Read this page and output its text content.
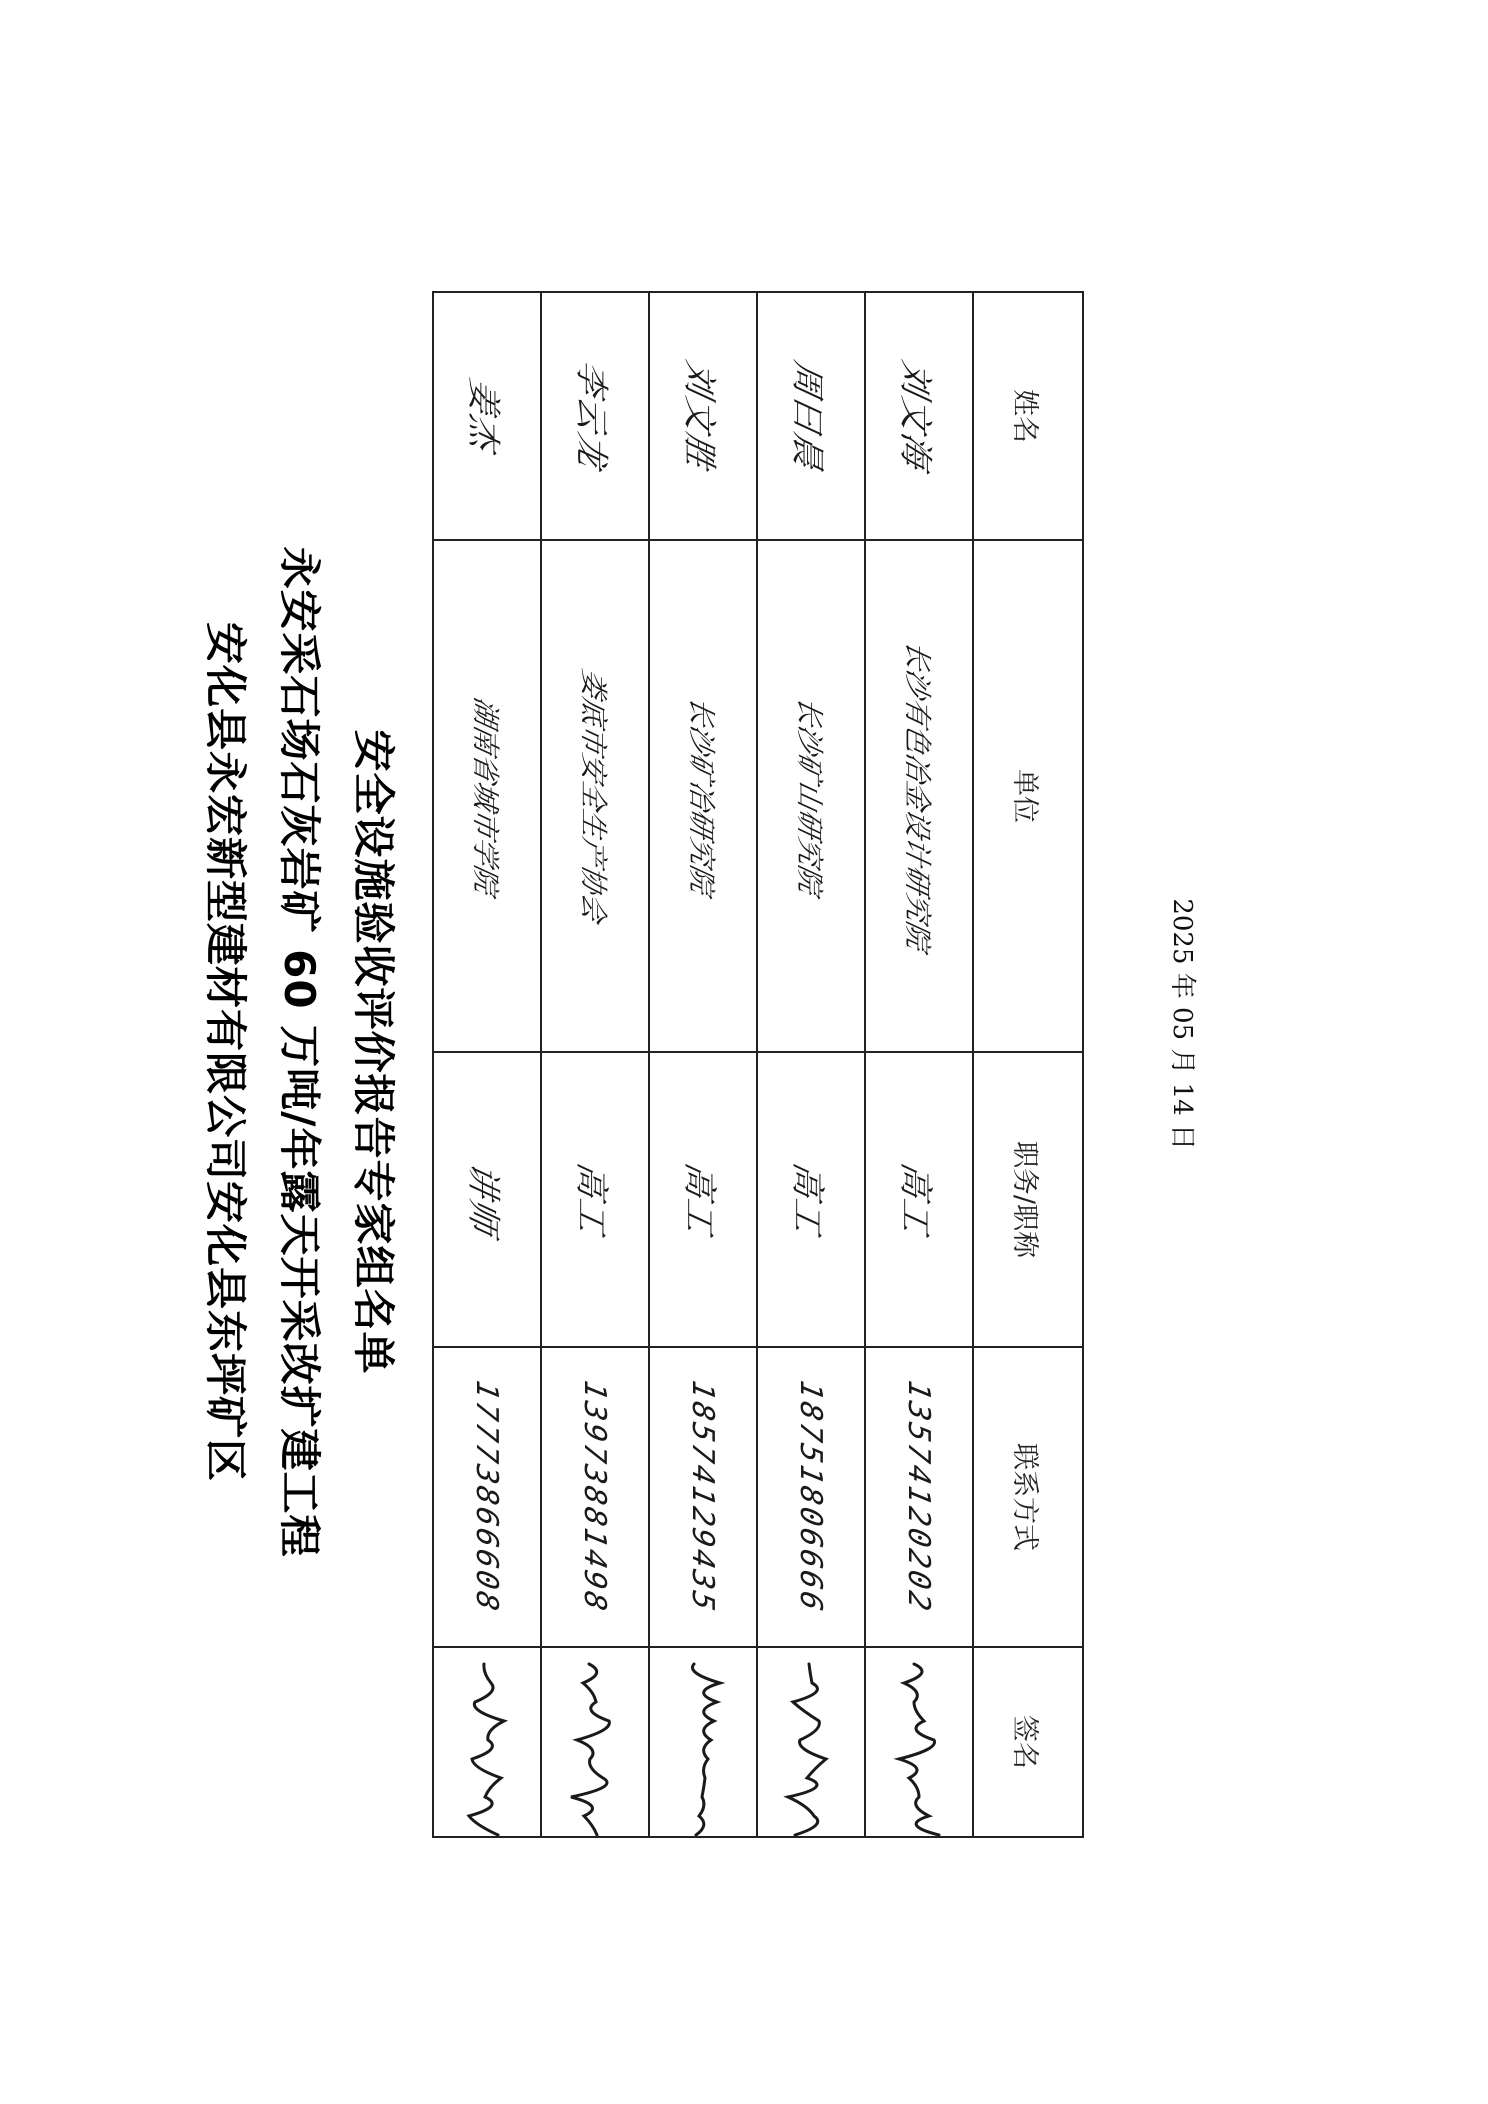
安化县永宏新型建材有限公司安化县东坪矿区 永安采石场石灰岩矿 60 万吨/年露天开采改扩建工程 安全设施验收评价报告专家组名单
姓名	单位	职务/职称	联系方式	签名
刘文海	长沙有色冶金设计研究院	高工	13574120202	

周曰晨	长沙矿山研究院	高工	18751806666	

刘文胜	长沙矿冶研究院	高工	18574129435	

李云龙	娄底市安全生产协会	高工	13973881498	

姜杰	湖南省城市学院	讲师	17773866608	
2025 年 05 月 14 日
